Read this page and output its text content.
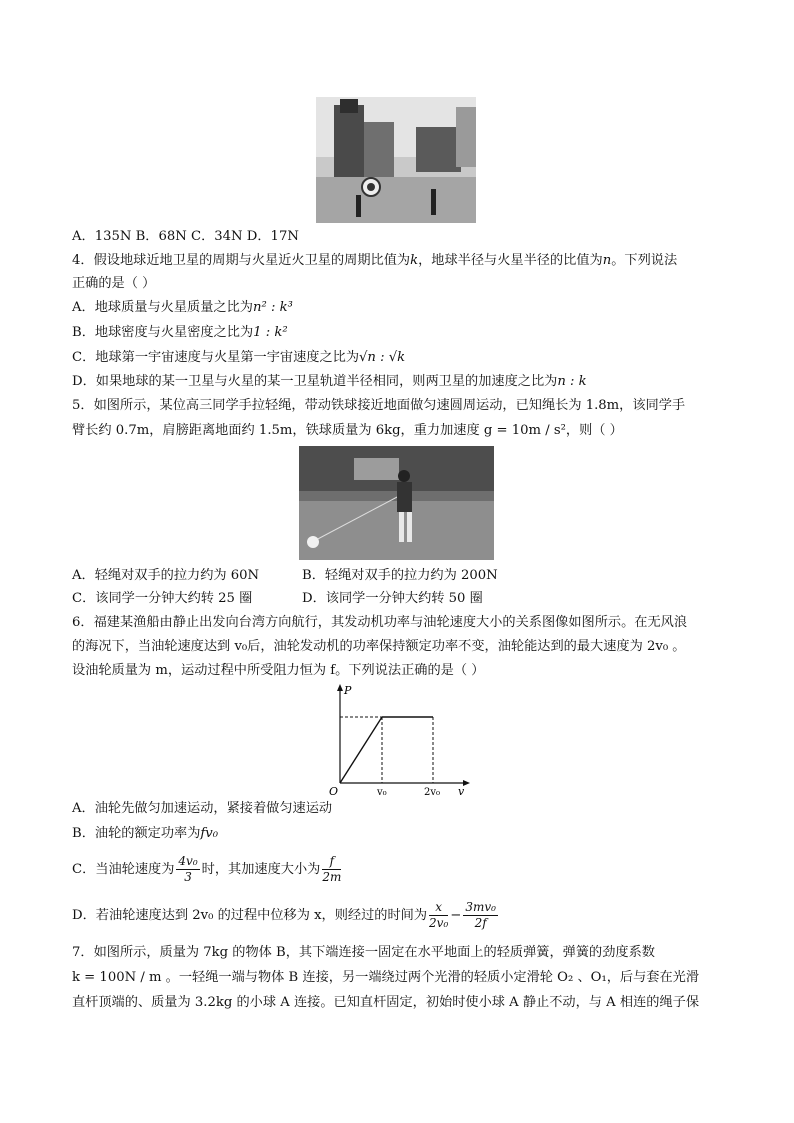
A．135N B．68N C．34N D．17N
4．假设地球近地卫星的周期与火星近火卫星的周期比值为k，地球半径与火星半径的比值为n。下列说法
正确的是（ ）
A．地球质量与火星质量之比为n² : k³
B．地球密度与火星密度之比为1 : k²
C．地球第一宇宙速度与火星第一宇宙速度之比为√n : √k
D．如果地球的某一卫星与火星的某一卫星轨道半径相同，则两卫星的加速度之比为n : k
5．如图所示，某位高三同学手拉轻绳，带动铁球接近地面做匀速圆周运动，已知绳长为 1.8m，该同学手
臂长约 0.7m，肩膀距离地面约 1.5m，铁球质量为 6kg，重力加速度 g = 10m / s²，则（ ）
A．轻绳对双手的拉力约为 60N	B．轻绳对双手的拉力约为 200N
C．该同学一分钟大约转 25 圈	D．该同学一分钟大约转 50 圈
6．福建某渔船由静止出发向台湾方向航行，其发动机功率与油轮速度大小的关系图像如图所示。在无风浪
的海况下，当油轮速度达到 v₀后，油轮发动机的功率保持额定功率不变，油轮能达到的最大速度为 2v₀ 。
设油轮质量为 m，运动过程中所受阻力恒为 f。下列说法正确的是（ ）
P
O	v₀	2v₀ v
A．油轮先做匀加速运动，紧接着做匀速运动
B．油轮的额定功率为fv₀
C．当油轮速度为 $\frac{\text{4v₀}}{3}$ 时，其加速度大小为 $\frac{f}{2m}$
D．若油轮速度达到 2v₀ 的过程中位移为 x，则经过的时间为 $\frac{x}{\text{2v₀}} - \frac{\text{3mv₀}}{2f}$
7．如图所示，质量为 7kg 的物体 B，其下端连接一固定在水平地面上的轻质弹簧，弹簧的劲度系数
k = 100N / m 。一轻绳一端与物体 B 连接，另一端绕过两个光滑的轻质小定滑轮 O₂ 、O₁，后与套在光滑
直杆顶端的、质量为 3.2kg 的小球 A 连接。已知直杆固定，初始时使小球 A 静止不动，与 A 相连的绳子保
